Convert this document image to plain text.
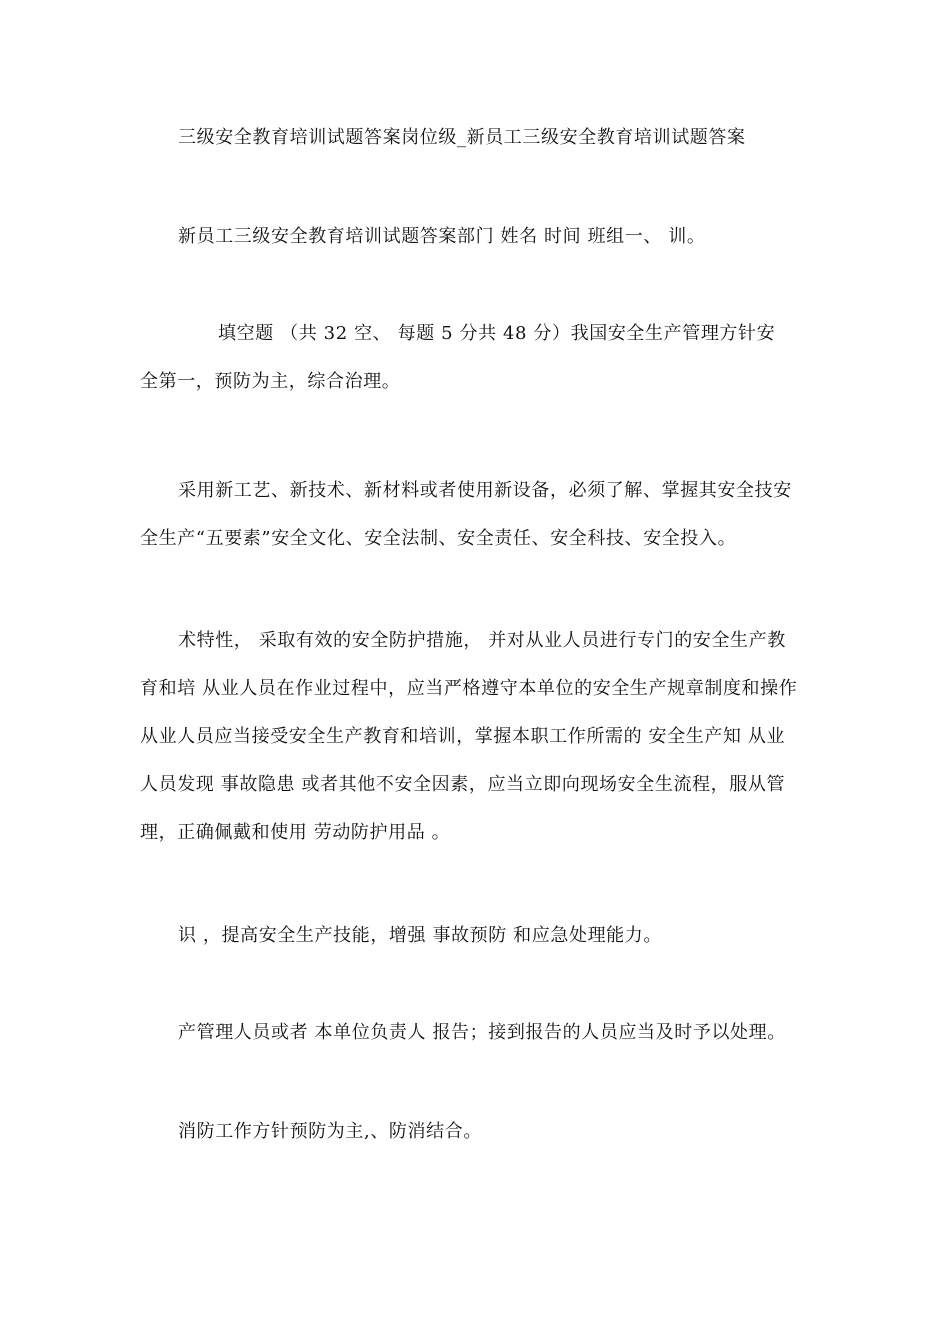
三级安全教育培训试题答案岗位级_新员工三级安全教育培训试题答案

新员工三级安全教育培训试题答案部门 姓名 时间 班组一、 训。

填空题 （共 32 空、 每题 5 分共 48 分）我国安全生产管理方针安
全第一，预防为主，综合治理。

采用新工艺、新技术、新材料或者使用新设备，必须了解、掌握其安全技安
全生产“五要素”安全文化、安全法制、安全责任、安全科技、安全投入。

术特性， 采取有效的安全防护措施， 并对从业人员进行专门的安全生产教
育和培 从业人员在作业过程中，应当严格遵守本单位的安全生产规章制度和操作
从业人员应当接受安全生产教育和培训，掌握本职工作所需的 安全生产知 从业
人员发现 事故隐患 或者其他不安全因素，应当立即向现场安全生流程，服从管
理，正确佩戴和使用 劳动防护用品 。

识 ，提高安全生产技能，增强 事故预防 和应急处理能力。

产管理人员或者 本单位负责人 报告；接到报告的人员应当及时予以处理。

消防工作方针预防为主,、防消结合。
